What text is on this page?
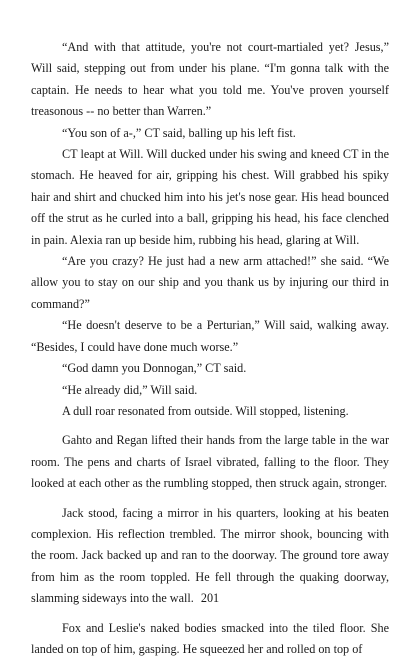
“And with that attitude, you're not court-martialed yet? Jesus,” Will said, stepping out from under his plane. “I'm gonna talk with the captain. He needs to hear what you told me. You've proven yourself treasonous -- no better than Warren.”

“You son of a-,” CT said, balling up his left fist.

CT leapt at Will. Will ducked under his swing and kneed CT in the stomach. He heaved for air, gripping his chest. Will grabbed his spiky hair and shirt and chucked him into his jet's nose gear. His head bounced off the strut as he curled into a ball, gripping his head, his face clenched in pain. Alexia ran up beside him, rubbing his head, glaring at Will.

“Are you crazy? He just had a new arm attached!” she said. “We allow you to stay on our ship and you thank us by injuring our third in command?”

“He doesn't deserve to be a Perturian,” Will said, walking away. “Besides, I could have done much worse.”

“God damn you Donnogan,” CT said.

“He already did,” Will said.

A dull roar resonated from outside. Will stopped, listening.

Gahto and Regan lifted their hands from the large table in the war room. The pens and charts of Israel vibrated, falling to the floor. They looked at each other as the rumbling stopped, then struck again, stronger.

Jack stood, facing a mirror in his quarters, looking at his beaten complexion. His reflection trembled. The mirror shook, bouncing with the room. Jack backed up and ran to the doorway. The ground tore away from him as the room toppled. He fell through the quaking doorway, slamming sideways into the wall.

Fox and Leslie's naked bodies smacked into the tiled floor. She landed on top of him, gasping. He squeezed her and rolled on top of

201
